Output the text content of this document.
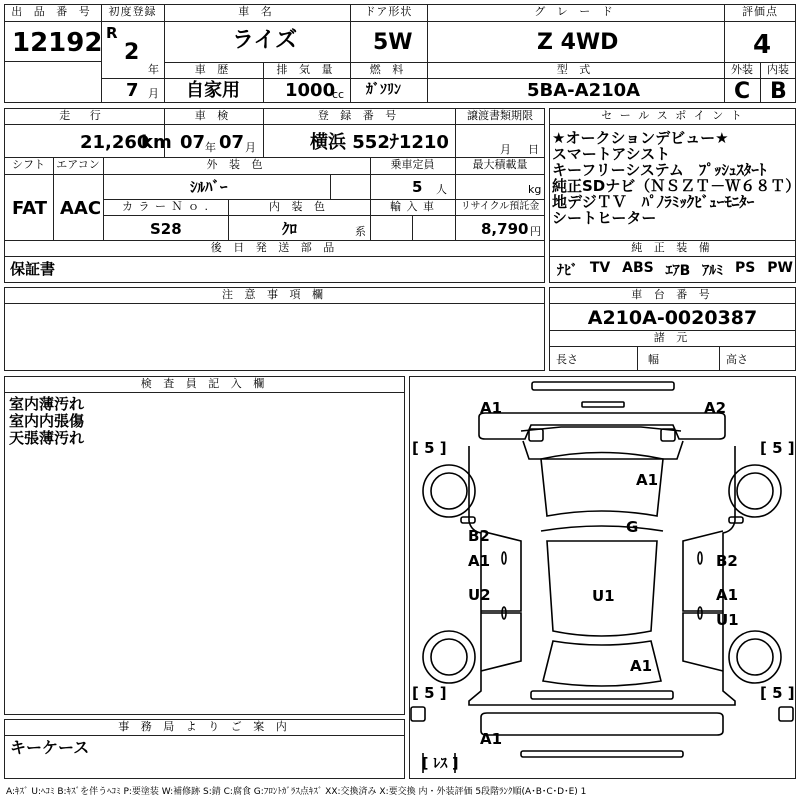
出 品 番 号
12192
初度登録
R
2
年
7 月
車 名
ライズ
ドア形状
5W
グ レ ー ド
Z 4WD
評価点
4
車 歴
自家用
排 気 量
1000
cc
燃 料
ｶﾞｿﾘﾝ
型 式
5BA-A210A
外装
C
内装
B
走 行
21,260
km
車 検
07 年 07 月
登 録 番 号
横浜 552ﾅ1210
譲渡書類期限
月 日
シフト
FAT
エアコン
AAC
外 装 色
ｼﾙﾊﾞｰ
乗車定員
5 人
最大積載量
kg
カ ラ ー Ｎ ｏ .
S28
内 装 色
ｸﾛ	系
輸 入 車	リサイクル預託金
8,790 円
後 日 発 送 部 品
保証書
セ ー ル ス ポ イ ン ト
★オークションデビュー★
スマートアシスト
キーフリーシステム　ﾌﾟｯｼｭｽﾀｰﾄ
純正SDナビ（ＮＳＺＴ－Ｗ６８Ｔ）
地デジＴＶ　ﾊﾟﾉﾗﾐｯｸﾋﾞｭｰﾓﾆﾀｰ
シートヒーター
純 正 装 備
ﾅﾋﾞ TV ABS ｴｱB ｱﾙﾐ PS PW
注 意 事 項 欄	車 台 番 号
A210A-0020387
諸 元
長さ	幅	高さ
検 査 員 記 入 欄
室内薄汚れ
室内内張傷
天張薄汚れ
事 務 局 よ り ご 案 内
キーケース
A1	A2
A1
G
U1
B2
A1
U2
B2
A1
U1
A1
A1
[ 5 ]	[ 5 ]
[ 5 ]	[ 5 ]
[ ﾚｽ ]
A:ｷｽﾞ U:ﾍｺﾐ B:ｷｽﾞを伴うﾍｺﾐ P:要塗装 W:補修跡 S:錆 C:腐食 G:ﾌﾛﾝﾄｶﾞﾗｽ点ｷｽﾞ XX:交換済み X:要交換 内・外装評価 5段階ﾗﾝｸ順(A･B･C･D･E) 1
